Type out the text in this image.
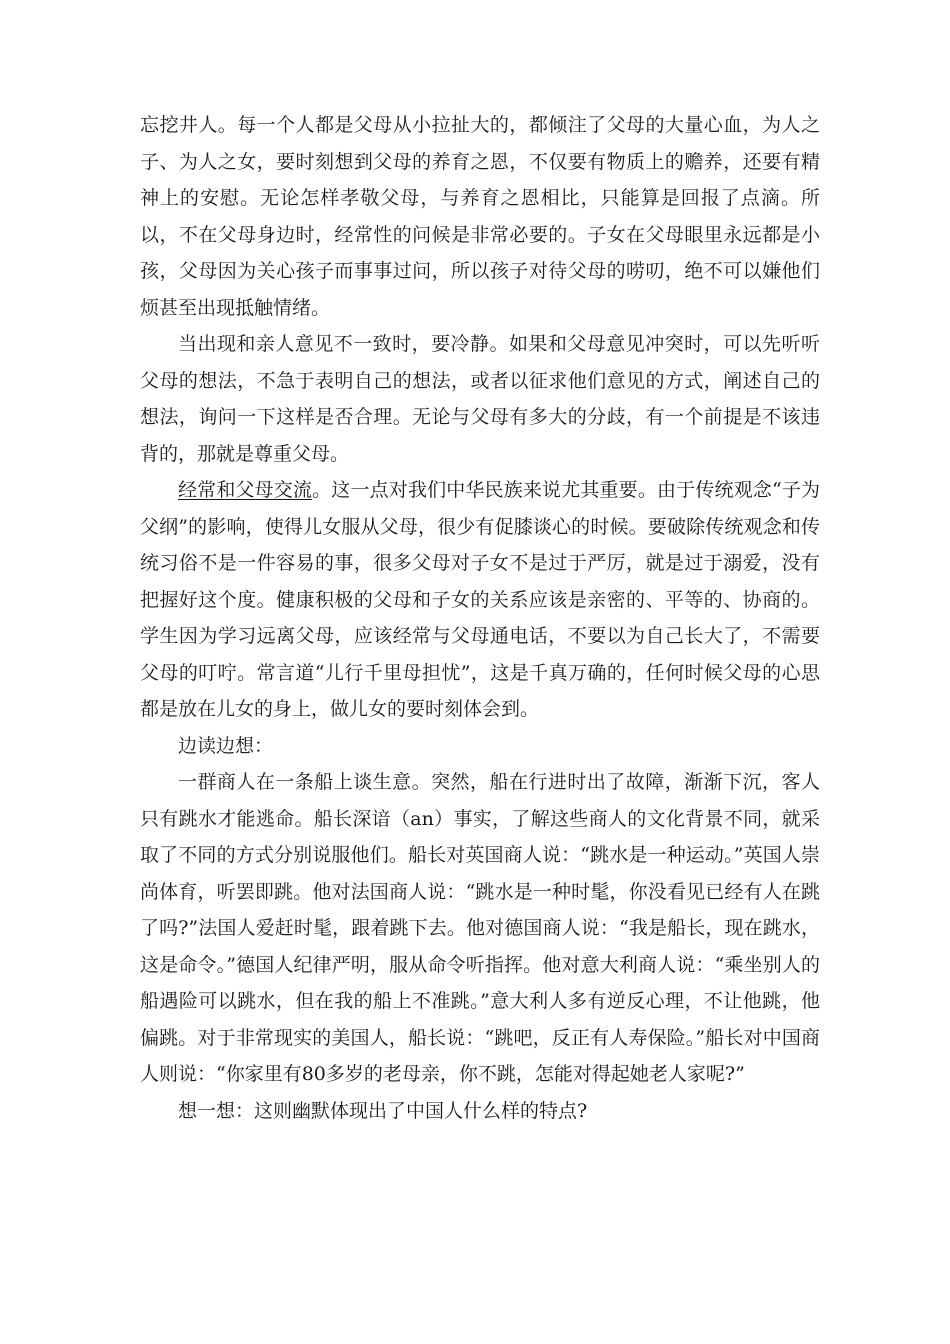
忘挖井人。每一个人都是父母从小拉扯大的，都倾注了父母的大量心血，为人之子、为人之女，要时刻想到父母的养育之恩，不仅要有物质上的赡养，还要有精神上的安慰。无论怎样孝敬父母，与养育之恩相比，只能算是回报了点滴。所以，不在父母身边时，经常性的问候是非常必要的。子女在父母眼里永远都是小孩，父母因为关心孩子而事事过问，所以孩子对待父母的唠叨，绝不可以嫌他们烦甚至出现抵触情绪。

当出现和亲人意见不一致时，要冷静。如果和父母意见冲突时，可以先听听父母的想法，不急于表明自己的想法，或者以征求他们意见的方式，阐述自己的想法，询问一下这样是否合理。无论与父母有多大的分歧，有一个前提是不该违背的，那就是尊重父母。

经常和父母交流。这一点对我们中华民族来说尤其重要。由于传统观念“子为父纲”的影响，使得儿女服从父母，很少有促膝谈心的时候。要破除传统观念和传统习俗不是一件容易的事，很多父母对子女不是过于严厉，就是过于溺爱，没有把握好这个度。健康积极的父母和子女的关系应该是亲密的、平等的、协商的。学生因为学习远离父母，应该经常与父母通电话，不要以为自己长大了，不需要父母的叮咛。常言道“儿行千里母担忧”，这是千真万确的，任何时候父母的心思都是放在儿女的身上，做儿女的要时刻体会到。

边读边想：

一群商人在一条船上谈生意。突然，船在行进时出了故障，渐渐下沉，客人只有跳水才能逃命。船长深谙（an）事实，了解这些商人的文化背景不同，就采取了不同的方式分别说服他们。船长对英国商人说：“跳水是一种运动。”英国人崇尚体育，听罢即跳。他对法国商人说：“跳水是一种时髦，你没看见已经有人在跳了吗?”法国人爱赶时髦，跟着跳下去。他对德国商人说：“我是船长，现在跳水，这是命令。”德国人纪律严明，服从命令听指挥。他对意大利商人说：“乘坐别人的船遇险可以跳水，但在我的船上不准跳。”意大利人多有逆反心理，不让他跳，他偏跳。对于非常现实的美国人，船长说：“跳吧，反正有人寿保险。”船长对中国商人则说：“你家里有80多岁的老母亲，你不跳，怎能对得起她老人家呢?”

想一想：这则幽默体现出了中国人什么样的特点?
